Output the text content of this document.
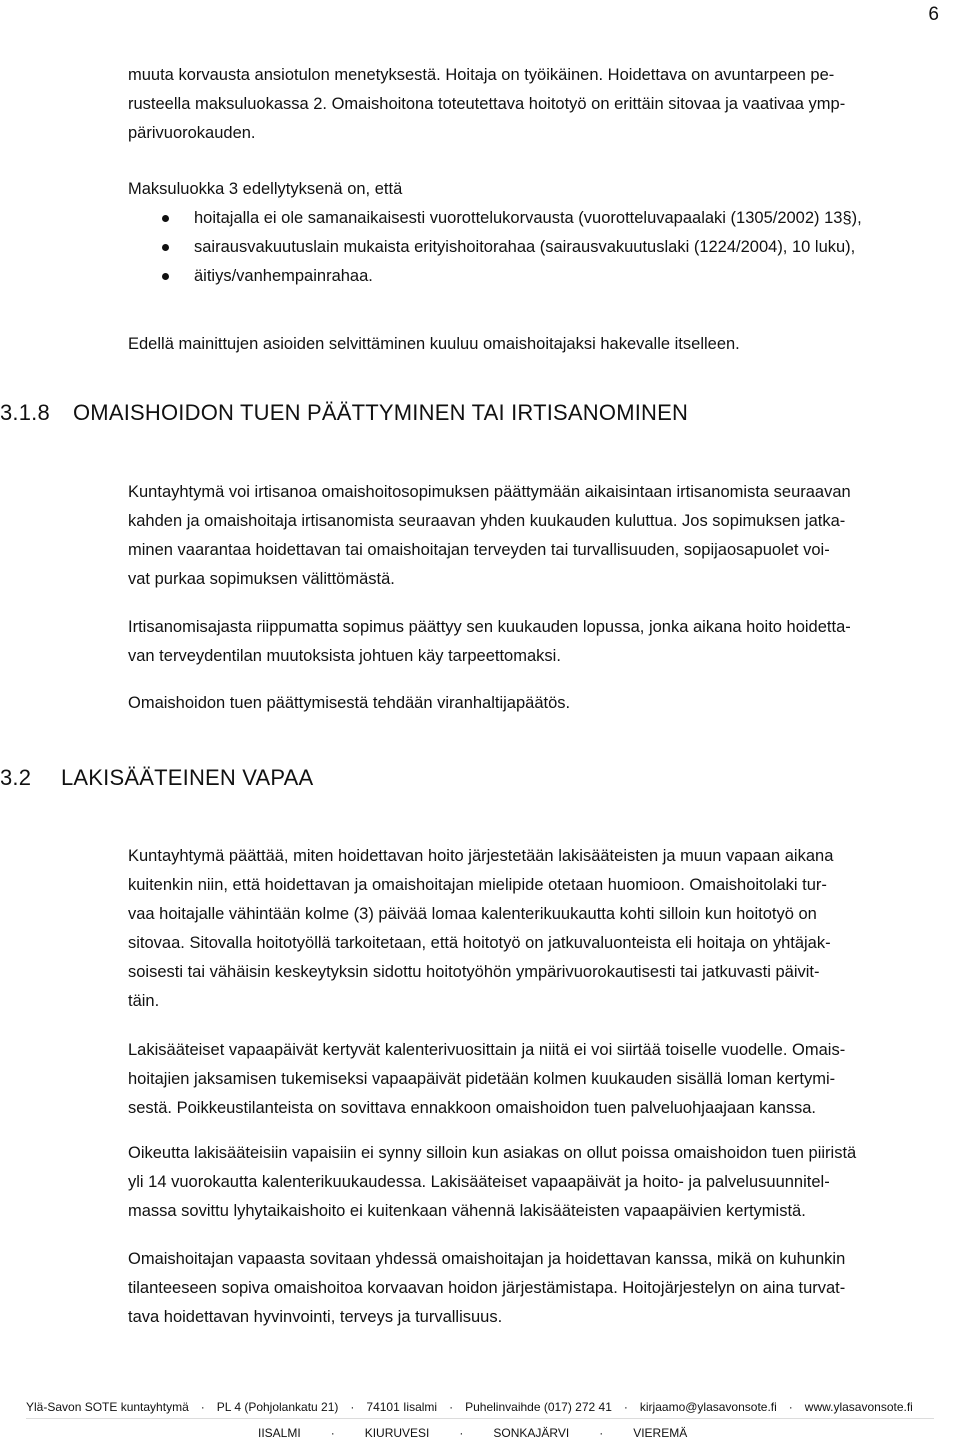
6
muuta korvausta ansiotulon menetyksestä. Hoitaja on työikäinen. Hoidettava on avuntarpeen pe-
rusteella maksuluokassa 2. Omaishoitona toteutettava hoitotyö on erittäin sitovaa ja vaativaa ymp-
pärivuorokauden.
Maksuluokka 3 edellytyksenä on, että
hoitajalla ei ole samanaikaisesti vuorottelukorvausta (vuorotteluvapaalaki (1305/2002) 13§),
sairausvakuutuslain mukaista erityishoitorahaa (sairausvakuutuslaki (1224/2004), 10 luku),
äitiys/vanhempainrahaa.
Edellä mainittujen asioiden selvittäminen kuuluu omaishoitajaksi hakevalle itselleen.
3.1.8 OMAISHOIDON TUEN PÄÄTTYMINEN TAI IRTISANOMINEN
Kuntayhtymä voi irtisanoa omaishoitosopimuksen päättymään aikaisintaan irtisanomista seuraavan
kahden ja omaishoitaja irtisanomista seuraavan yhden kuukauden kuluttua. Jos sopimuksen jatka-
minen vaarantaa hoidettavan tai omaishoitajan terveyden tai turvallisuuden, sopijaosapuolet voi-
vat purkaa sopimuksen välittömästä.
Irtisanomisajasta riippumatta sopimus päättyy sen kuukauden lopussa, jonka aikana hoito hoidetta-
van terveydentilan muutoksista johtuen käy tarpeettomaksi.
Omaishoidon tuen päättymisestä tehdään viranhaltijapäätös.
3.2 LAKISÄÄTEINEN VAPAA
Kuntayhtymä päättää, miten hoidettavan hoito järjestetään lakisääteisten ja muun vapaan aikana
kuitenkin niin, että hoidettavan ja omaishoitajan mielipide otetaan huomioon. Omaishoitolaki tur-
vaa hoitajalle vähintään kolme (3) päivää lomaa kalenterikuukautta kohti silloin kun hoitotyö on
sitovaa. Sitovalla hoitotyöllä tarkoitetaan, että hoitotyö on jatkuvaluonteista eli hoitaja on yhtäjak-
soisesti tai vähäisin keskeytyksin sidottu hoitotyöhön ympärivuorokautisesti tai jatkuvasti päivit-
täin.
Lakisääteiset vapaapäivät kertyvät kalenterivuosittain ja niitä ei voi siirtää toiselle vuodelle. Omais-
hoitajien jaksamisen tukemiseksi vapaapäivät pidetään kolmen kuukauden sisällä loman kertymi-
sestä. Poikkeustilanteista on sovittava ennakkoon omaishoidon tuen palveluohjaajaan kanssa.
Oikeutta lakisääteisiin vapaisiin ei synny silloin kun asiakas on ollut poissa omaishoidon tuen piiristä
yli 14 vuorokautta kalenterikuukaudessa. Lakisääteiset vapaapäivät ja hoito- ja palvelusuunnitel-
massa sovittu lyhytaikaishoito ei kuitenkaan vähennä lakisääteisten vapaapäivien kertymistä.
Omaishoitajan vapaasta sovitaan yhdessä omaishoitajan ja hoidettavan kanssa, mikä on kuhunkin
tilanteeseen sopiva omaishoitoa korvaavan hoidon järjestämistapa. Hoitojärjestelyn on aina turvat-
tava hoidettavan hyvinvointi, terveys ja turvallisuus.
Ylä-Savon SOTE kuntayhtymä · PL 4 (Pohjolankatu 21) · 74101 Iisalmi · Puhelinvaihde (017) 272 41 · kirjaamo@ylasavonsote.fi · www.ylasavonsote.fi
IISALMI	·	KIURUVESI	·	SONKAJÄRVI	·	VIEREMÄ
